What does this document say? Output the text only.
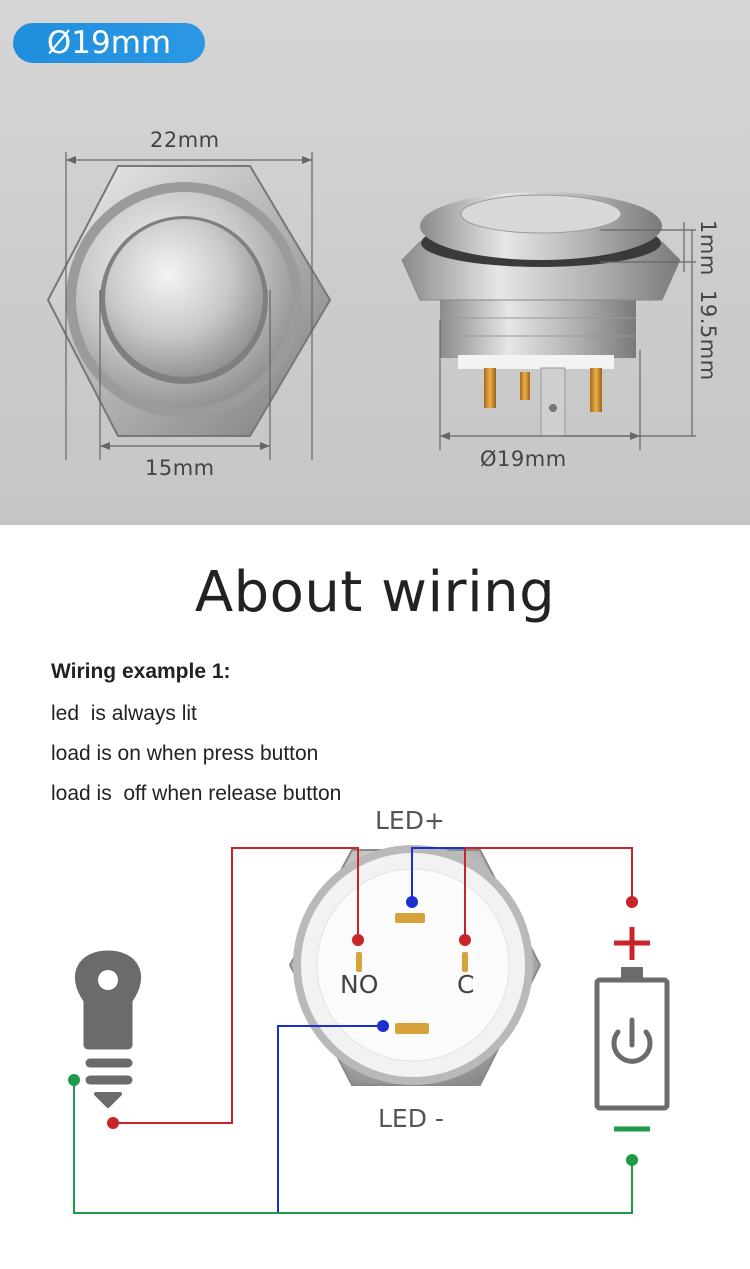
Ø19mm
22mm
15mm	Ø19mm
1mm
19.5mm
About wiring

Wiring example 1:

led  is always lit

load is on when press button

load is  off when release button

LED+
LED -
NO	C
